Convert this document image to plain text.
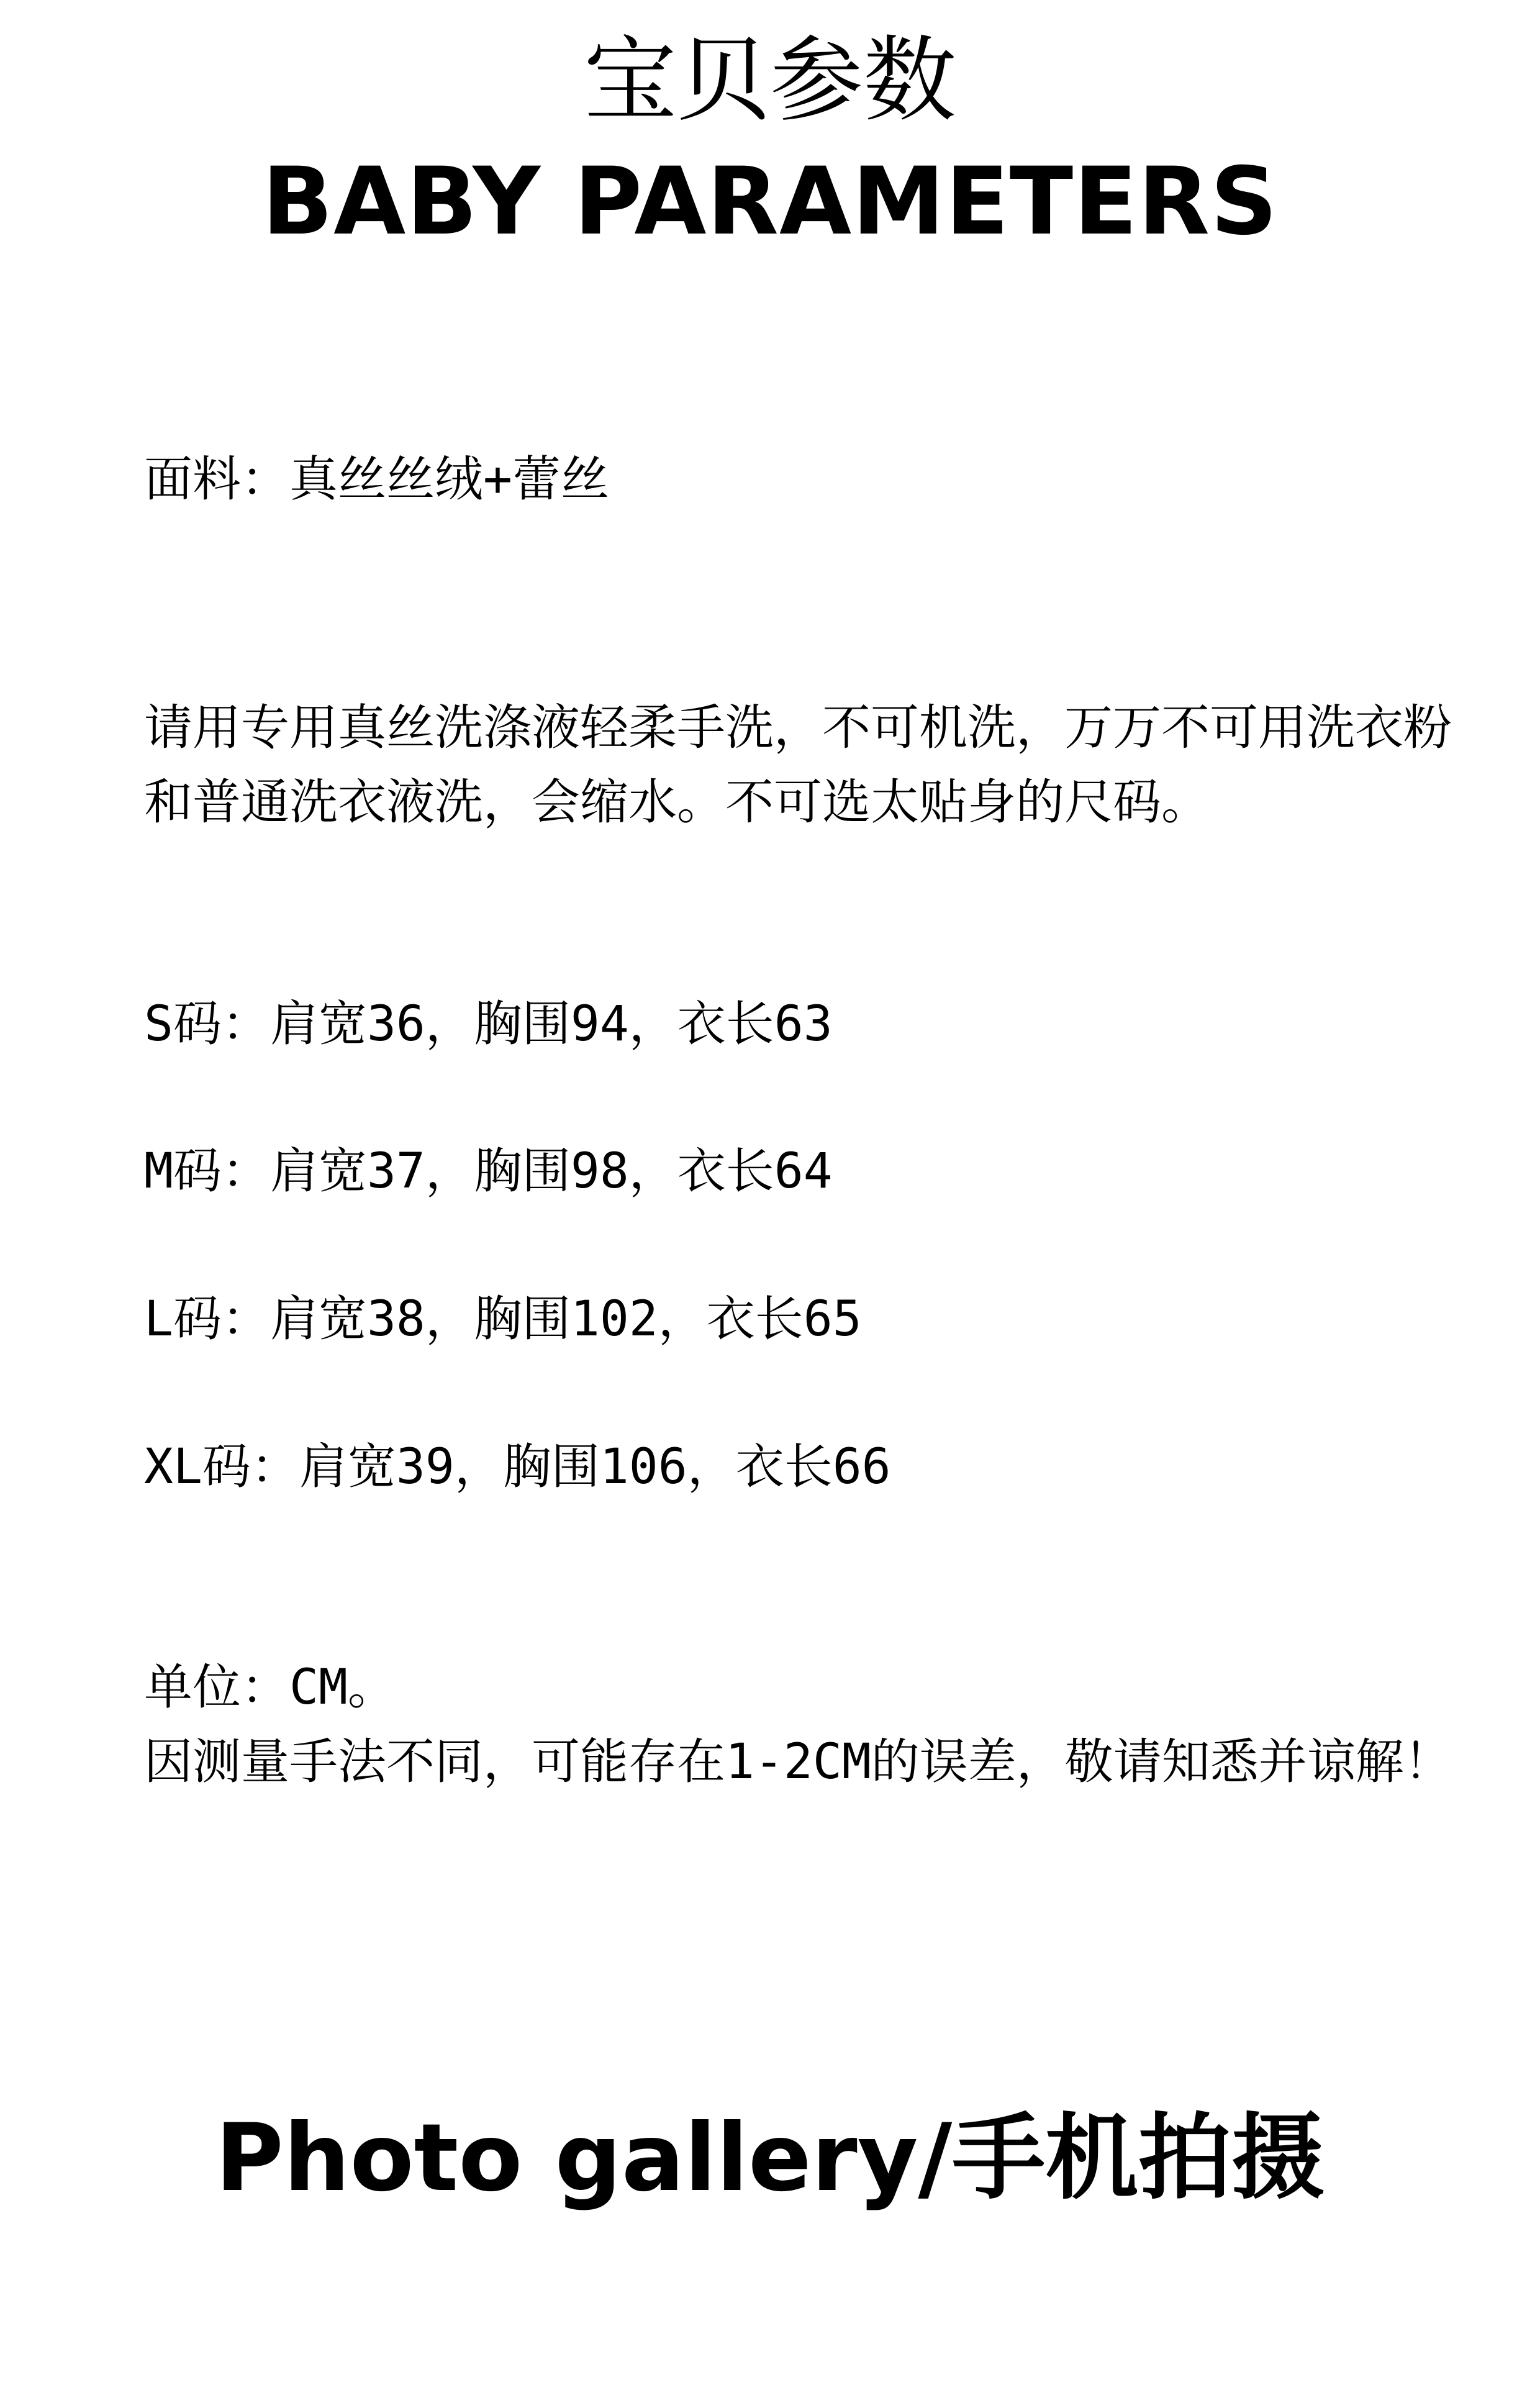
宝贝参数
BABY PARAMETERS
面料：真丝丝绒+蕾丝
请用专用真丝洗涤液轻柔手洗，不可机洗，万万不可用洗衣粉
和普通洗衣液洗，会缩水。不可选太贴身的尺码。
S码：肩宽36，胸围94，衣长63
M码：肩宽37，胸围98，衣长64
L码：肩宽38，胸围102，衣长65
XL码：肩宽39，胸围106，衣长66
单位：CM。
因测量手法不同，可能存在1-2CM的误差，敬请知悉并谅解！
Photo gallery/手机拍摄
